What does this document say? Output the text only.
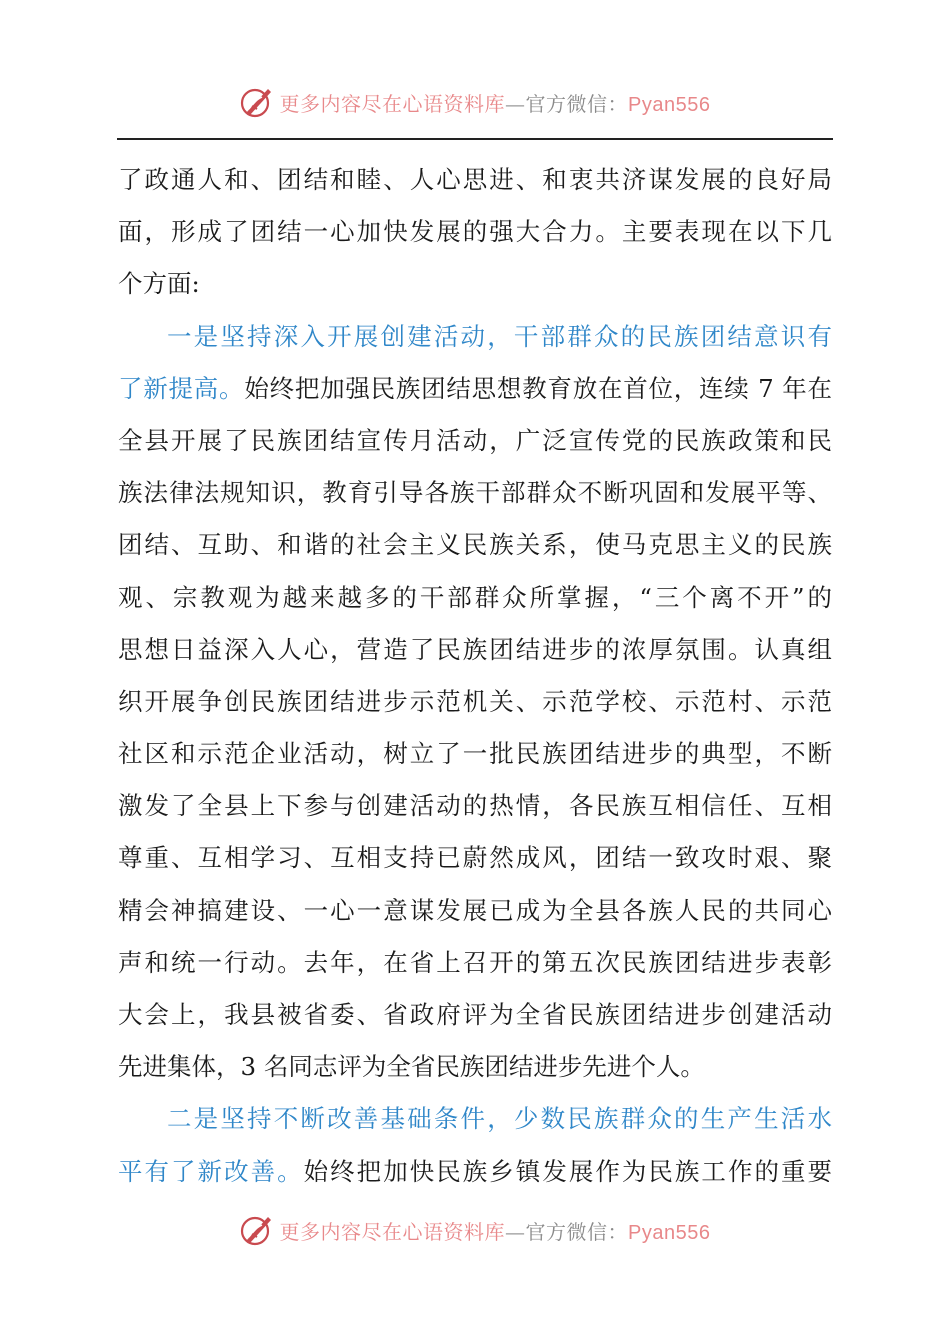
更多内容尽在心语资料库—官方微信：Pyan556
了政通人和、团结和睦、人心思进、和衷共济谋发展的良好局
面，形成了团结一心加快发展的强大合力。主要表现在以下几
个方面:
一是坚持深入开展创建活动，干部群众的民族团结意识有
了新提高。始终把加强民族团结思想教育放在首位，连续 7 年在
全县开展了民族团结宣传月活动，广泛宣传党的民族政策和民
族法律法规知识，教育引导各族干部群众不断巩固和发展平等、
团结、互助、和谐的社会主义民族关系，使马克思主义的民族
观、宗教观为越来越多的干部群众所掌握，“三个离不开”的
思想日益深入人心，营造了民族团结进步的浓厚氛围。认真组
织开展争创民族团结进步示范机关、示范学校、示范村、示范
社区和示范企业活动，树立了一批民族团结进步的典型，不断
激发了全县上下参与创建活动的热情，各民族互相信任、互相
尊重、互相学习、互相支持已蔚然成风，团结一致攻时艰、聚
精会神搞建设、一心一意谋发展已成为全县各族人民的共同心
声和统一行动。去年，在省上召开的第五次民族团结进步表彰
大会上，我县被省委、省政府评为全省民族团结进步创建活动
先进集体，3 名同志评为全省民族团结进步先进个人。
二是坚持不断改善基础条件，少数民族群众的生产生活水
平有了新改善。始终把加快民族乡镇发展作为民族工作的重要
更多内容尽在心语资料库—官方微信：Pyan556
